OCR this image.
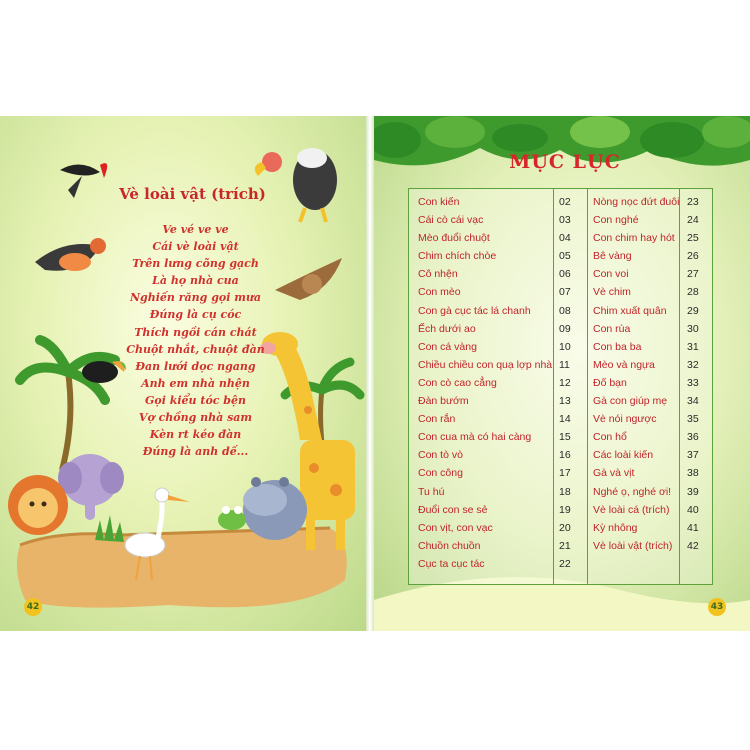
Vè loài vật (trích)
Ve vé ve ve
Cái vè loài vật
Trên lưng cõng gạch
Là họ nhà cua
Nghiến răng gọi mưa
Đúng là cụ cóc
Thích ngồi cán chát
Chuột nhắt, chuột đàn
Đan lưới dọc ngang
Anh em nhà nhện
Gọi kiểu tóc bện
Vợ chồng nhà sam
Kèn rt kéo đàn
Đúng là anh dế...
42	43
MỤC LỤC
Con kiến
Cái cò cái vạc
Mèo đuổi chuột
Chim chích chòe
Cô nhện
Con mèo
Con gà cục tác lá chanh
Ếch dưới ao
Con cá vàng
Chiều chiều con quạ lợp nhà
Con cò cao cẳng
Đàn bướm
Con rắn
Con cua mà có hai càng
Con tò vò
Con công
Tu hú
Đuổi con se sẻ
Con vịt, con vạc
Chuồn chuồn
Cục ta cục tác
02
03
04
05
06
07
08
09
10
11
12
13
14
15
16
17
18
19
20
21
22
Nòng nọc đứt đuôi
Con nghé
Con chim hay hót
Bê vàng
Con voi
Vè chim
Chim xuất quân
Con rùa
Con ba ba
Mèo và ngựa
Đố bạn
Gà con giúp mẹ
Vè nói ngược
Con hổ
Các loài kiến
Gà và vịt
Nghé ọ, nghé ơi!
Vè loài cá (trích)
Kỳ nhông
Vè loài vật (trích)
23
24
25
26
27
28
29
30
31
32
33
34
35
36
37
38
39
40
41
42
